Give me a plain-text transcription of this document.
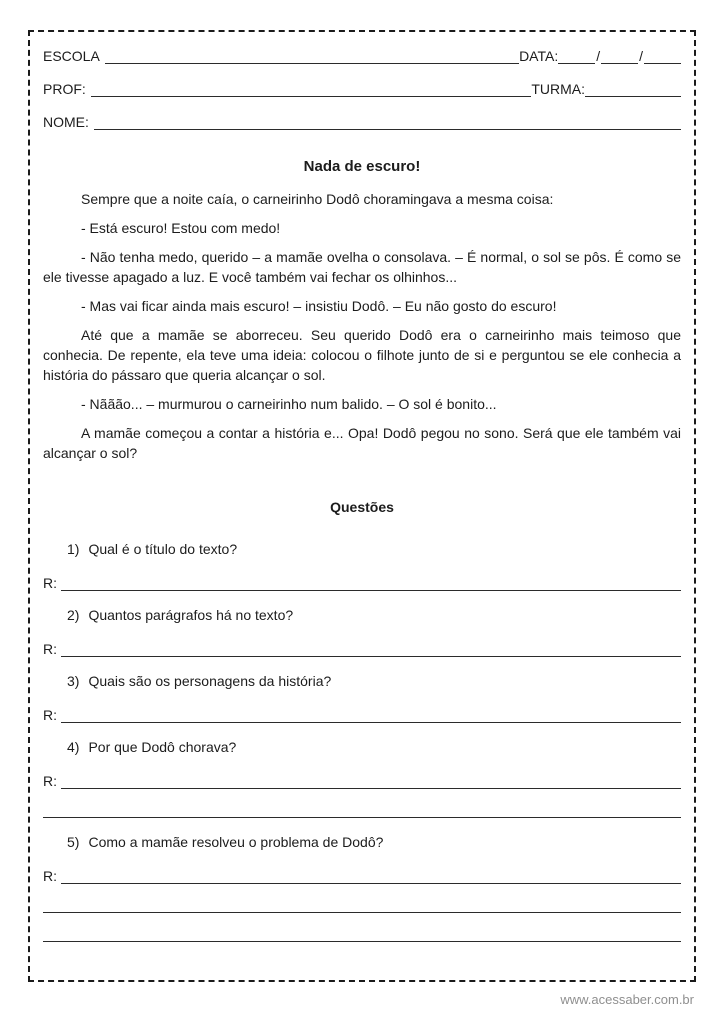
ESCOLA	DATA:	/	/
PROF:	TURMA:
NOME:
Nada de escuro!

Sempre que a noite caía, o carneirinho Dodô choramingava a mesma coisa:

- Está escuro! Estou com medo!

- Não tenha medo, querido – a mamãe ovelha o consolava. – É normal, o sol se pôs. É como se ele tivesse apagado a luz. E você também vai fechar os olhinhos...

- Mas vai ficar ainda mais escuro! – insistiu Dodô. – Eu não gosto do escuro!

Até que a mamãe se aborreceu. Seu querido Dodô era o carneirinho mais teimoso que conhecia. De repente, ela teve uma ideia: colocou o filhote junto de si e perguntou se ele conhecia a história do pássaro que queria alcançar o sol.

- Nããão... – murmurou o carneirinho num balido. – O sol é bonito...

A mamãe começou a contar a história e... Opa! Dodô pegou no sono. Será que ele também vai alcançar o sol?

Questões
1) Qual é o título do texto?
R:
2) Quantos parágrafos há no texto?
R:
3) Quais são os personagens da história?
R:
4) Por que Dodô chorava?
R:
5) Como a mamãe resolveu o problema de Dodô?
R:
www.acessaber.com.br
